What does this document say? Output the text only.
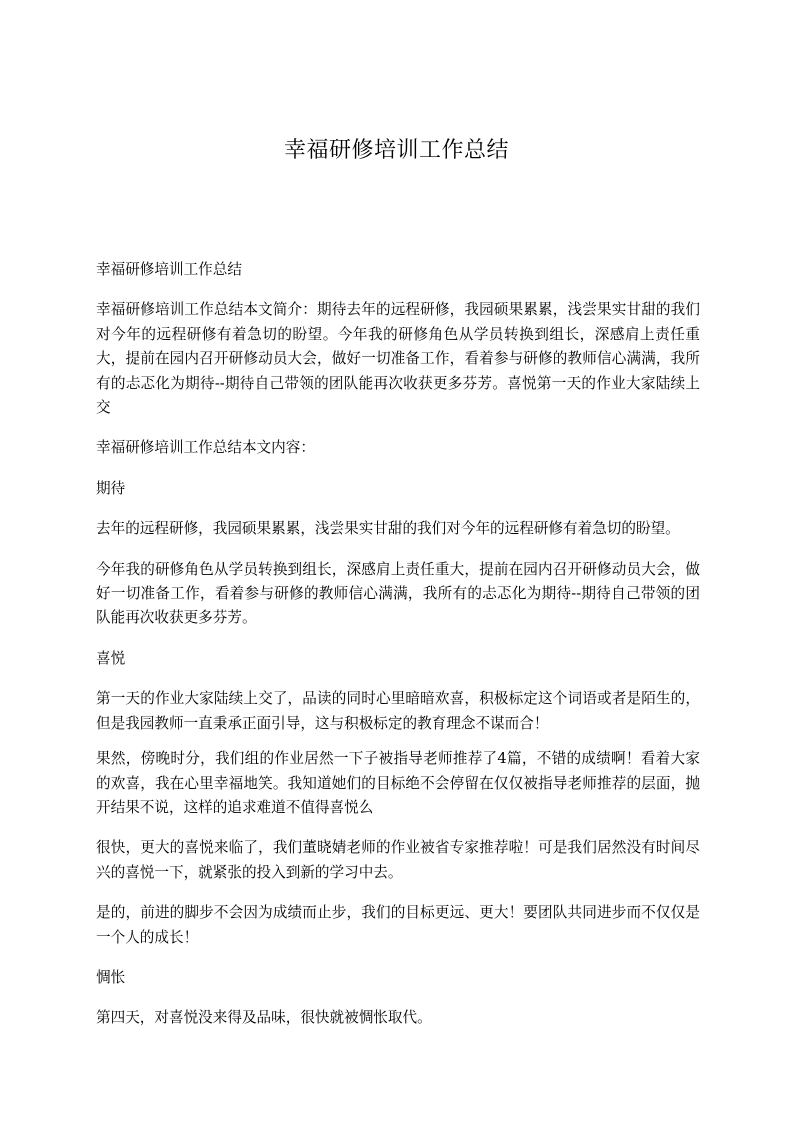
幸福研修培训工作总结

幸福研修培训工作总结

幸福研修培训工作总结本文简介：期待去年的远程研修，我园硕果累累，浅尝果实甘甜的我们对今年的远程研修有着急切的盼望。今年我的研修角色从学员转换到组长，深感肩上责任重大，提前在园内召开研修动员大会，做好一切准备工作，看着参与研修的教师信心满满，我所有的忐忑化为期待--期待自己带领的团队能再次收获更多芬芳。喜悦第一天的作业大家陆续上交

幸福研修培训工作总结本文内容：

期待

去年的远程研修，我园硕果累累，浅尝果实甘甜的我们对今年的远程研修有着急切的盼望。

今年我的研修角色从学员转换到组长，深感肩上责任重大，提前在园内召开研修动员大会，做好一切准备工作，看着参与研修的教师信心满满，我所有的忐忑化为期待--期待自己带领的团队能再次收获更多芬芳。

喜悦

第一天的作业大家陆续上交了，品读的同时心里暗暗欢喜，积极标定这个词语或者是陌生的，但是我园教师一直秉承正面引导，这与积极标定的教育理念不谋而合！

果然，傍晚时分，我们组的作业居然一下子被指导老师推荐了4篇，不错的成绩啊！看着大家的欢喜，我在心里幸福地笑。我知道她们的目标绝不会停留在仅仅被指导老师推荐的层面，抛开结果不说，这样的追求难道不值得喜悦么

很快，更大的喜悦来临了，我们董晓婧老师的作业被省专家推荐啦！可是我们居然没有时间尽兴的喜悦一下，就紧张的投入到新的学习中去。

是的，前进的脚步不会因为成绩而止步，我们的目标更远、更大！要团队共同进步而不仅仅是一个人的成长！

惆怅

第四天，对喜悦没来得及品味，很快就被惆怅取代。
